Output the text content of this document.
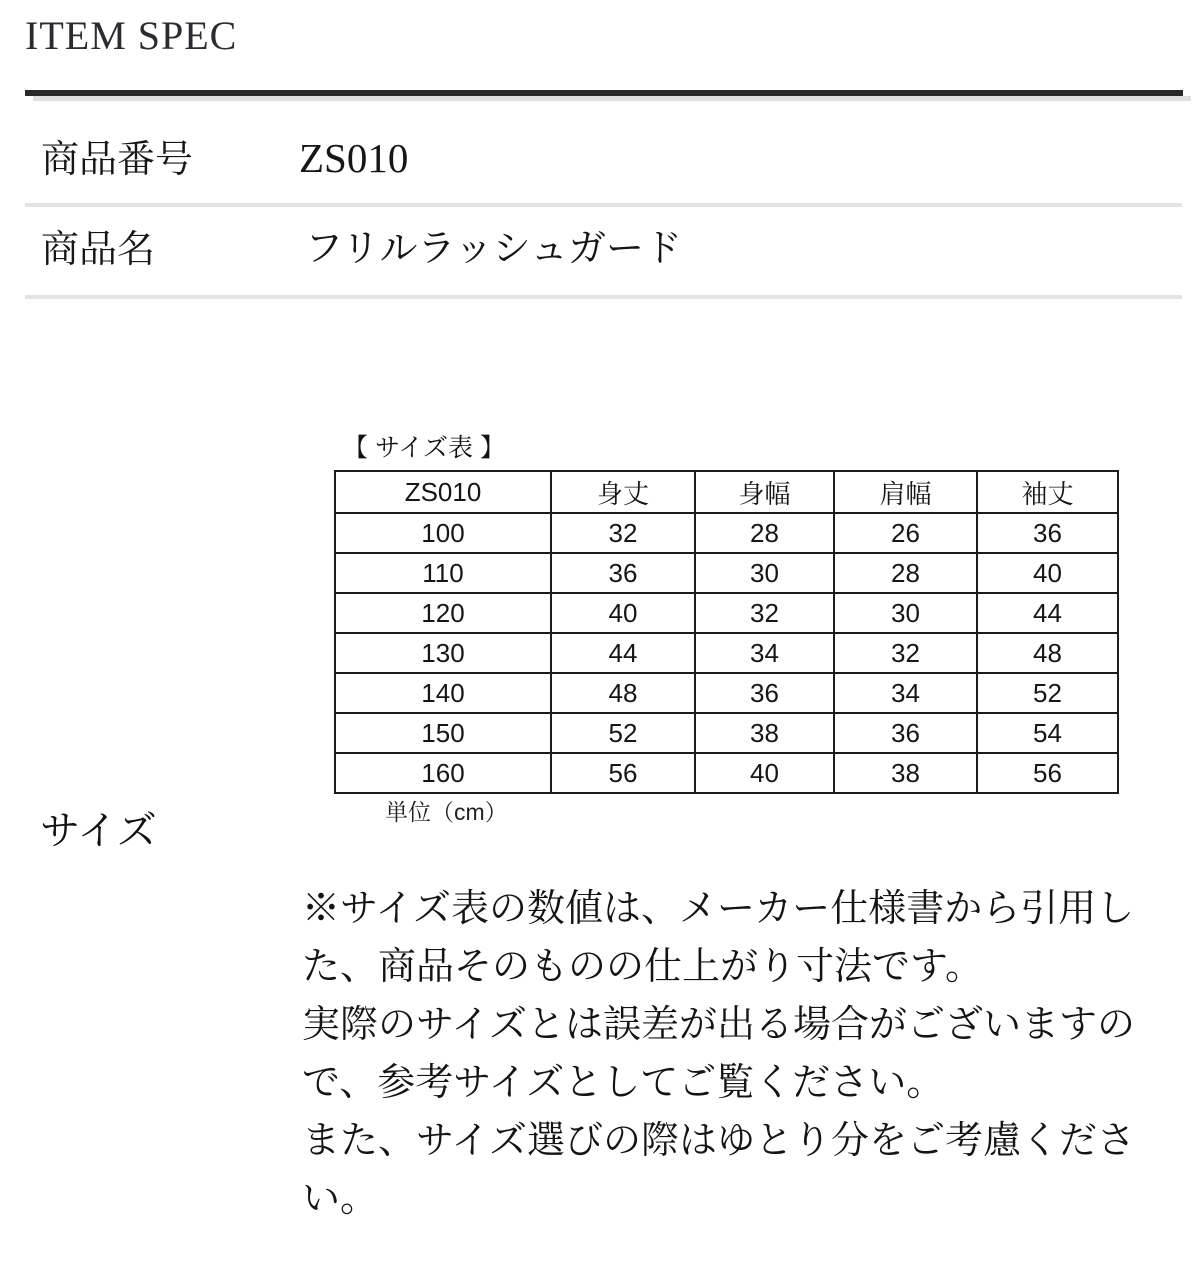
ITEM SPEC
商品番号	ZS010
商品名	フリルラッシュガード
【 サイズ表 】
ZS010	身丈	身幅	肩幅	袖丈
100	32	28	26	36
110	36	30	28	40
120	40	32	30	44
130	44	34	32	48
140	48	36	34	52
150	52	38	36	54
160	56	40	38	56
単位（cm）
サイズ
※サイズ表の数値は、メーカー仕様書から引用し
た、商品そのものの仕上がり寸法です。
実際のサイズとは誤差が出る場合がございますの
で、参考サイズとしてご覧ください。
また、サイズ選びの際はゆとり分をご考慮くださ
い。
